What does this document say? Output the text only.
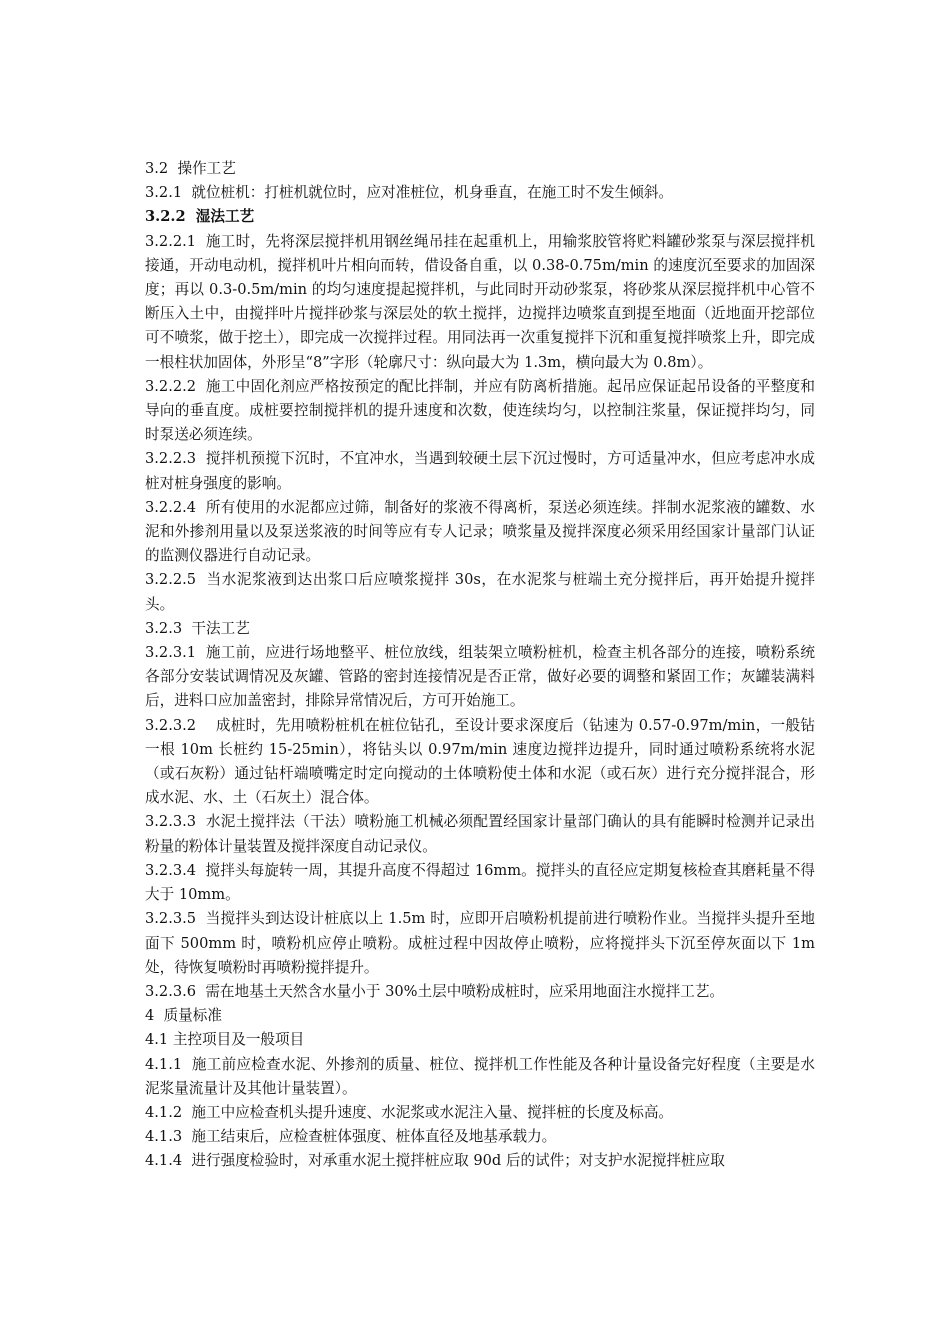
3.2  操作工艺

3.2.1  就位桩机：打桩机就位时，应对准桩位，机身垂直，在施工时不发生倾斜。

3.2.2  湿法工艺

3.2.2.1  施工时，先将深层搅拌机用钢丝绳吊挂在起重机上，用输浆胶管将贮料罐砂浆泵与深层搅拌机接通，开动电动机，搅拌机叶片相向而转，借设备自重，以 0.38-0.75m/min 的速度沉至要求的加固深度；再以 0.3-0.5m/min 的均匀速度提起搅拌机，与此同时开动砂浆泵，将砂浆从深层搅拌机中心管不断压入土中，由搅拌叶片搅拌砂浆与深层处的软土搅拌，边搅拌边喷浆直到提至地面（近地面开挖部位可不喷浆，做于挖土），即完成一次搅拌过程。用同法再一次重复搅拌下沉和重复搅拌喷浆上升，即完成一根柱状加固体，外形呈“8”字形（轮廓尺寸：纵向最大为 1.3m，横向最大为 0.8m）。

3.2.2.2  施工中固化剂应严格按预定的配比拌制，并应有防离析措施。起吊应保证起吊设备的平整度和导向的垂直度。成桩要控制搅拌机的提升速度和次数，使连续均匀，以控制注浆量，保证搅拌均匀，同时泵送必须连续。

3.2.2.3  搅拌机预搅下沉时，不宜冲水，当遇到较硬土层下沉过慢时，方可适量冲水，但应考虑冲水成桩对桩身强度的影响。

3.2.2.4  所有使用的水泥都应过筛，制备好的浆液不得离析，泵送必须连续。拌制水泥浆液的罐数、水泥和外掺剂用量以及泵送浆液的时间等应有专人记录；喷浆量及搅拌深度必须采用经国家计量部门认证的监测仪器进行自动记录。

3.2.2.5  当水泥浆液到达出浆口后应喷浆搅拌 30s，在水泥浆与桩端土充分搅拌后，再开始提升搅拌头。

3.2.3  干法工艺

3.2.3.1  施工前，应进行场地整平、桩位放线，组装架立喷粉桩机，检查主机各部分的连接，喷粉系统各部分安装试调情况及灰罐、管路的密封连接情况是否正常，做好必要的调整和紧固工作；灰罐装满料后，进料口应加盖密封，排除异常情况后，方可开始施工。

3.2.3.2    成桩时，先用喷粉桩机在桩位钻孔，至设计要求深度后（钻速为 0.57-0.97m/min，一般钻一根 10m 长桩约 15-25min），将钻头以 0.97m/min 速度边搅拌边提升，同时通过喷粉系统将水泥（或石灰粉）通过钻杆端喷嘴定时定向搅动的土体喷粉使土体和水泥（或石灰）进行充分搅拌混合，形成水泥、水、土（石灰土）混合体。

3.2.3.3  水泥土搅拌法（干法）喷粉施工机械必须配置经国家计量部门确认的具有能瞬时检测并记录出粉量的粉体计量装置及搅拌深度自动记录仪。

3.2.3.4  搅拌头每旋转一周，其提升高度不得超过 16mm。搅拌头的直径应定期复核检查其磨耗量不得大于 10mm。

3.2.3.5  当搅拌头到达设计桩底以上 1.5m 时，应即开启喷粉机提前进行喷粉作业。当搅拌头提升至地面下 500mm 时，喷粉机应停止喷粉。成桩过程中因故停止喷粉，应将搅拌头下沉至停灰面以下 1m 处，待恢复喷粉时再喷粉搅拌提升。

3.2.3.6  需在地基土天然含水量小于 30%土层中喷粉成桩时，应采用地面注水搅拌工艺。

4  质量标准

4.1 主控项目及一般项目

4.1.1  施工前应检查水泥、外掺剂的质量、桩位、搅拌机工作性能及各种计量设备完好程度（主要是水泥浆量流量计及其他计量装置）。

4.1.2  施工中应检查机头提升速度、水泥浆或水泥注入量、搅拌桩的长度及标高。

4.1.3  施工结束后，应检查桩体强度、桩体直径及地基承载力。

4.1.4  进行强度检验时，对承重水泥土搅拌桩应取 90d 后的试件；对支护水泥搅拌桩应取
